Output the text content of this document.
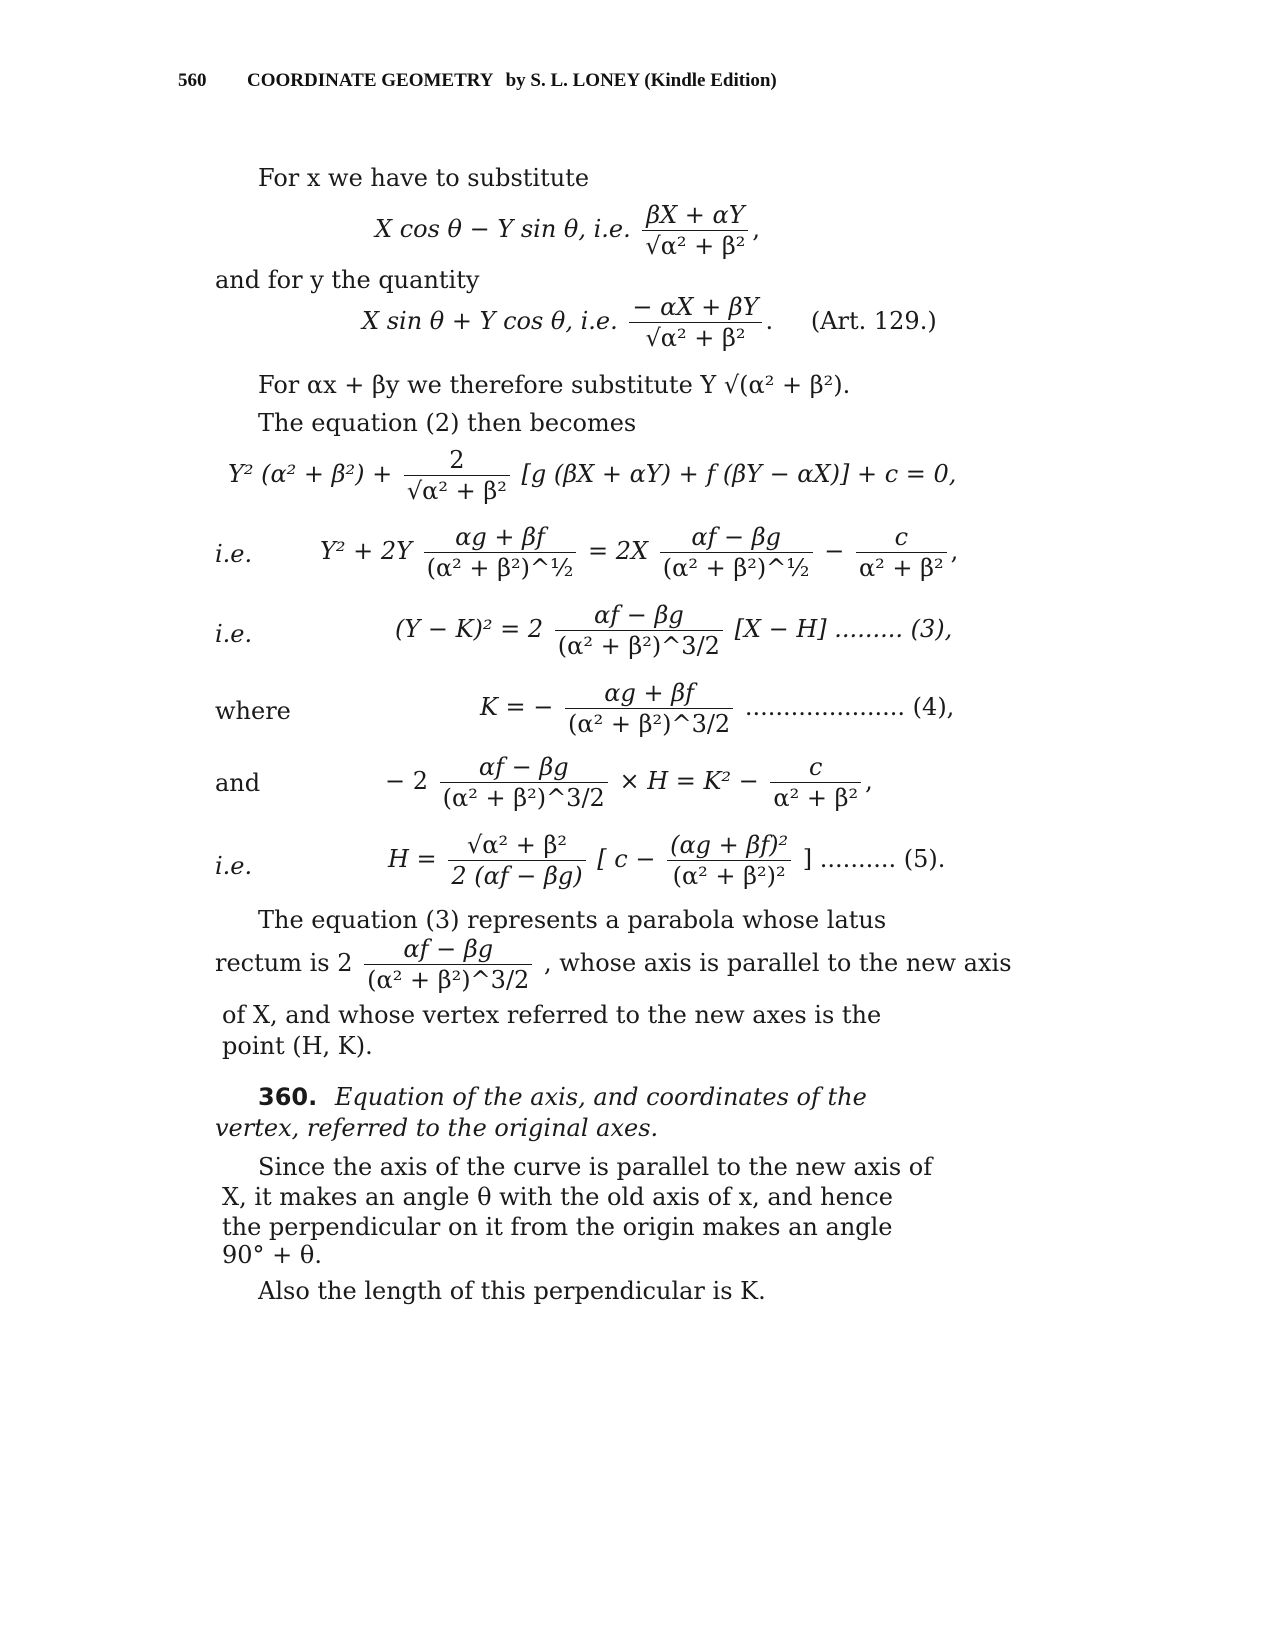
560 COORDINATE GEOMETRY by S. L. LONEY (Kindle Edition)
For x we have to substitute
X cos θ − Y sin θ, i.e. $\frac{\beta X + \alpha Y}{\text{√α² + β²}}$ ,
and for y the quantity
X sin θ + Y cos θ, i.e. $\frac{- \alpha X + \beta Y}{\text{√α² + β²}}$ . (Art. 129.)
For αx + βy we therefore substitute Y √(α² + β²).
The equation (2) then becomes
Y² $(\alpha^2 + \beta^2) + \frac{2}{\text{√α² + β²}} [g$ (βX + αY) + f (βY − αX)] + c = 0,
i.e.	$Y^2 + 2Y \frac{\alpha g + \beta f}{\text{(α² + β²)\textasciicircum{}½}} = 2X \frac{\alpha f - \beta g}{\text{(α² + β²)\textasciicircum{}½}} - \frac{c}{\text{α² + β²}}$ ,
i.e.	$(Y - K)^2 = 2 \frac{\alpha f - \beta g}{\text{(α² + β²)\textasciicircum{}3/2}} [X - H]$ ......... (3),
where	K = − $\frac{\alpha g + \beta f}{\text{(α² + β²)\textasciicircum{}3/2}}$ ..................... (4),
and	− $2 \frac{\alpha f - \beta g}{\text{(α² + β²)\textasciicircum{}3/2}} \times H = K^2 - \frac{c}{\text{α² + β²}}$ ,
i.e.	$H = \frac{\text{√α² + β²}}{2 (\alpha f - \beta g)}$ [ $c - \frac{\text{(αg + βf)²}}{\text{(α² + β²)²}}$ ] .......... (5).
The equation (3) represents a parabola whose latus
rectum is $2 \frac{\alpha f - \beta g}{\text{(α² + β²)\textasciicircum{}3/2}}$ , whose axis is parallel to the new axis
of X, and whose vertex referred to the new axes is the
point (H, K).
360. Equation of the axis, and coordinates of the
vertex, referred to the original axes.
Since the axis of the curve is parallel to the new axis of
X, it makes an angle θ with the old axis of x, and hence
the perpendicular on it from the origin makes an angle
90° + θ.
Also the length of this perpendicular is K.
